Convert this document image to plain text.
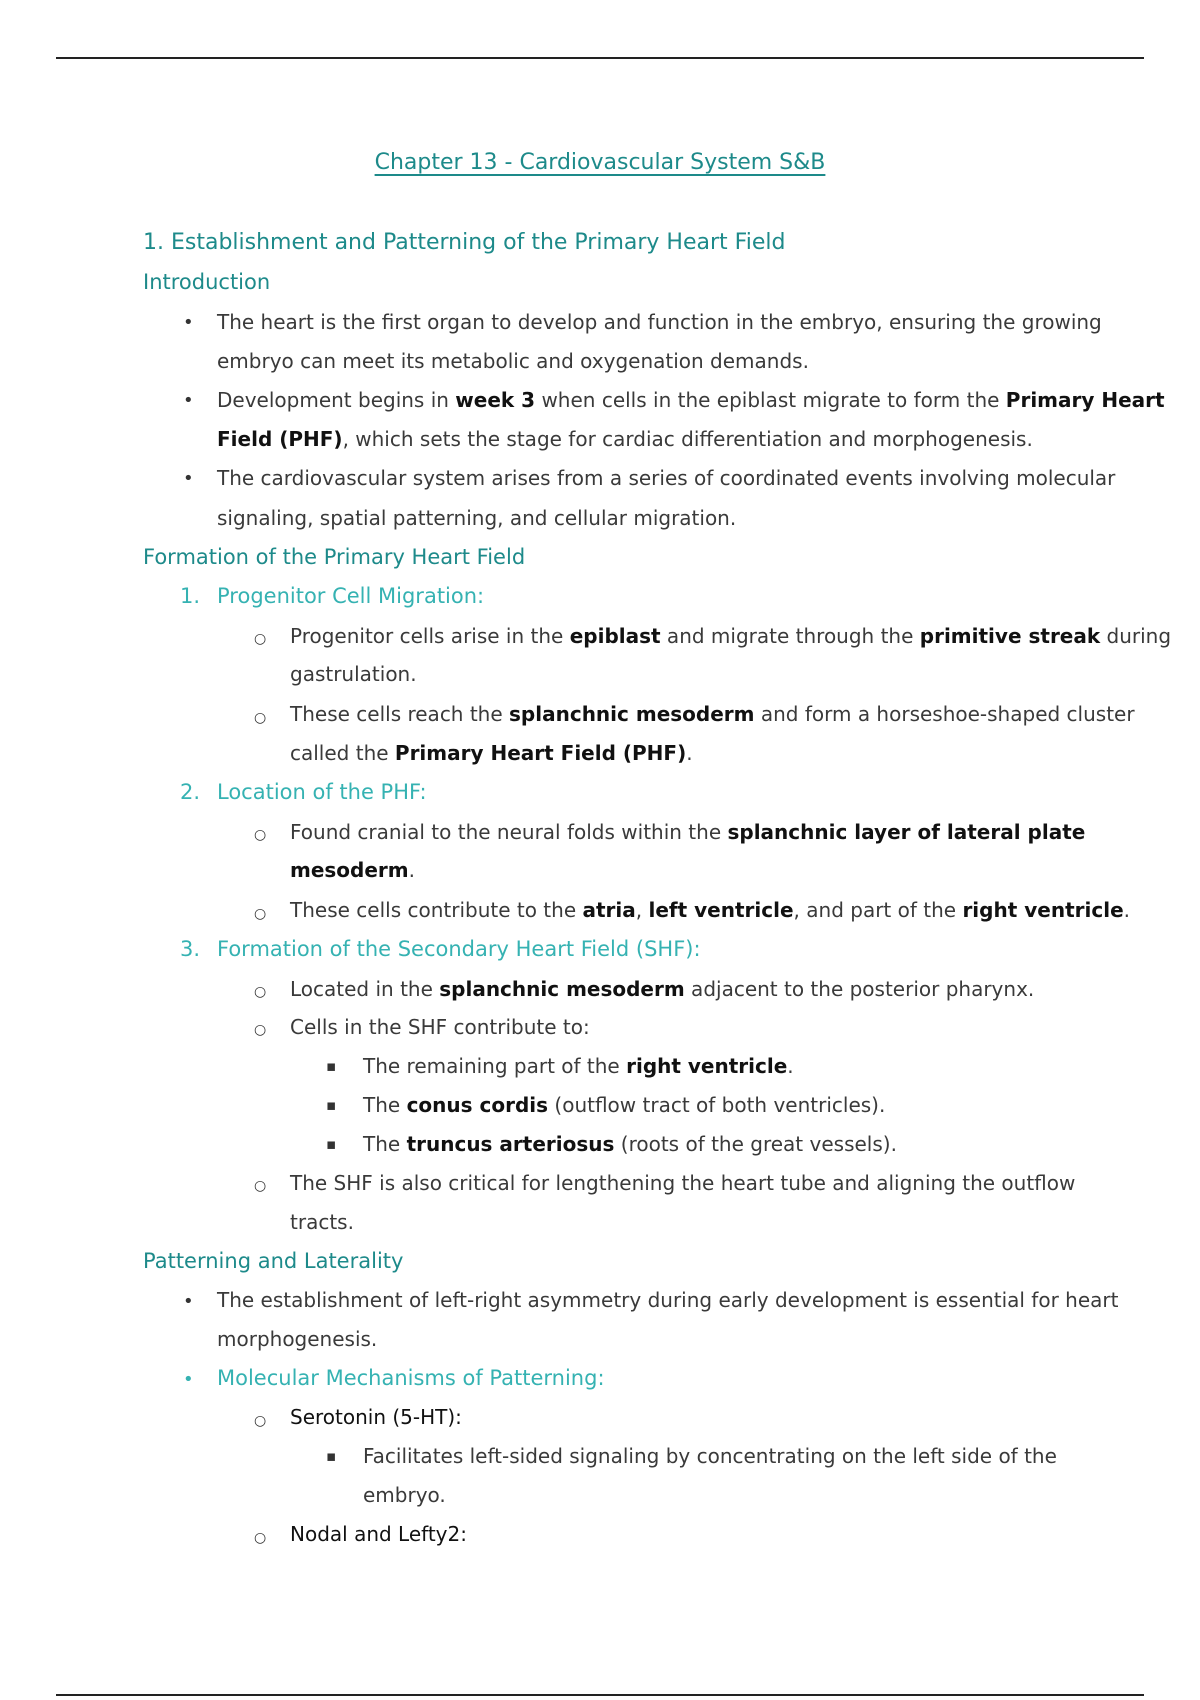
Chapter 13 - Cardiovascular System S&B
1. Establishment and Patterning of the Primary Heart Field
Introduction
• The heart is the first organ to develop and function in the embryo, ensuring the growing
embryo can meet its metabolic and oxygenation demands.
• Development begins in week 3 when cells in the epiblast migrate to form the Primary Heart
Field (PHF), which sets the stage for cardiac differentiation and morphogenesis.
• The cardiovascular system arises from a series of coordinated events involving molecular
signaling, spatial patterning, and cellular migration.
Formation of the Primary Heart Field
1. Progenitor Cell Migration:
○ Progenitor cells arise in the epiblast and migrate through the primitive streak during
gastrulation.
○ These cells reach the splanchnic mesoderm and form a horseshoe-shaped cluster
called the Primary Heart Field (PHF).
2. Location of the PHF:
○ Found cranial to the neural folds within the splanchnic layer of lateral plate
mesoderm.
○ These cells contribute to the atria, left ventricle, and part of the right ventricle.
3. Formation of the Secondary Heart Field (SHF):
○ Located in the splanchnic mesoderm adjacent to the posterior pharynx.
○ Cells in the SHF contribute to:
▪ The remaining part of the right ventricle.
▪ The conus cordis (outflow tract of both ventricles).
▪ The truncus arteriosus (roots of the great vessels).
○ The SHF is also critical for lengthening the heart tube and aligning the outflow
tracts.
Patterning and Laterality
• The establishment of left-right asymmetry during early development is essential for heart
morphogenesis.
• Molecular Mechanisms of Patterning:
○ Serotonin (5-HT):
▪ Facilitates left-sided signaling by concentrating on the left side of the
embryo.
○ Nodal and Lefty2:
